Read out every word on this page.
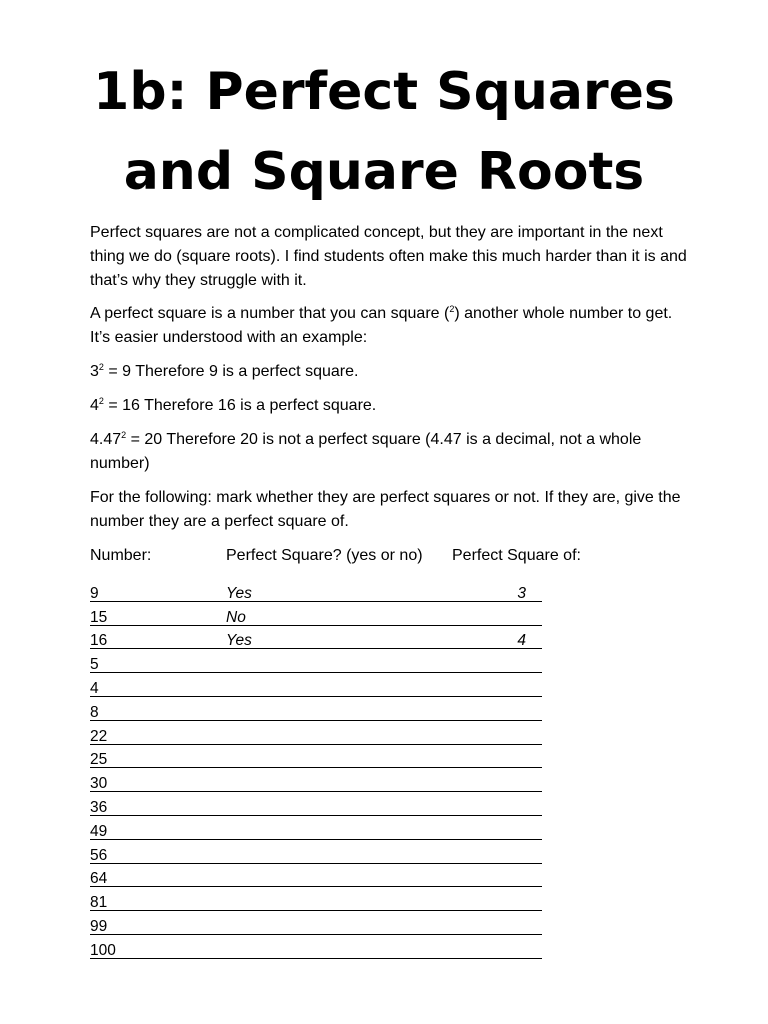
1b: Perfect Squares
and Square Roots

Perfect squares are not a complicated concept, but they are important in the next thing we do (square roots). I find students often make this much harder than it is and that’s why they struggle with it.

A perfect square is a number that you can square ($^2$) another whole number to get. It’s easier understood with an example:

$3^2 = 9$ Therefore 9 is a perfect square.

$4^2 = 16$ Therefore 16 is a perfect square.

$4.47^2 = 20$ Therefore 20 is not a perfect square (4.47 is a decimal, not a whole number)

For the following: mark whether they are perfect squares or not. If they are, give the number they are a perfect square of.

Number:	Perfect Square? (yes or no) Perfect Square of:
9	Yes	3
15	No
16	Yes	4
5
4
8
22
25
30
36
49
56
64
81
99
100
